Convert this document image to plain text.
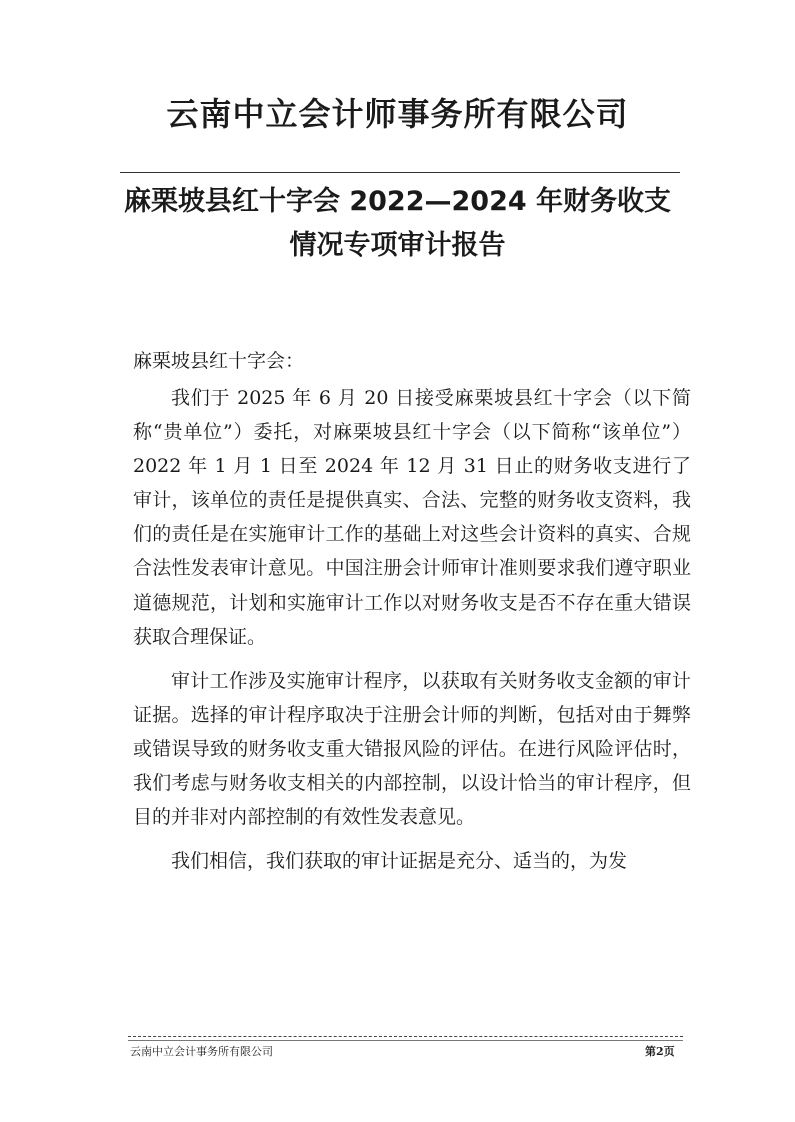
云南中立会计师事务所有限公司
麻栗坡县红十字会 2022—2024 年财务收支
情况专项审计报告
麻栗坡县红十字会：

我们于 2025 年 6 月 20 日接受麻栗坡县红十字会（以下简称“贵单位”）委托，对麻栗坡县红十字会（以下简称“该单位”）2022 年 1 月 1 日至 2024 年 12 月 31 日止的财务收支进行了审计，该单位的责任是提供真实、合法、完整的财务收支资料，我们的责任是在实施审计工作的基础上对这些会计资料的真实、合规合法性发表审计意见。中国注册会计师审计准则要求我们遵守职业道德规范，计划和实施审计工作以对财务收支是否不存在重大错误获取合理保证。

审计工作涉及实施审计程序，以获取有关财务收支金额的审计证据。选择的审计程序取决于注册会计师的判断，包括对由于舞弊或错误导致的财务收支重大错报风险的评估。在进行风险评估时，我们考虑与财务收支相关的内部控制，以设计恰当的审计程序，但目的并非对内部控制的有效性发表意见。

我们相信，我们获取的审计证据是充分、适当的，为发

云南中立会计事务所有限公司	第2页
